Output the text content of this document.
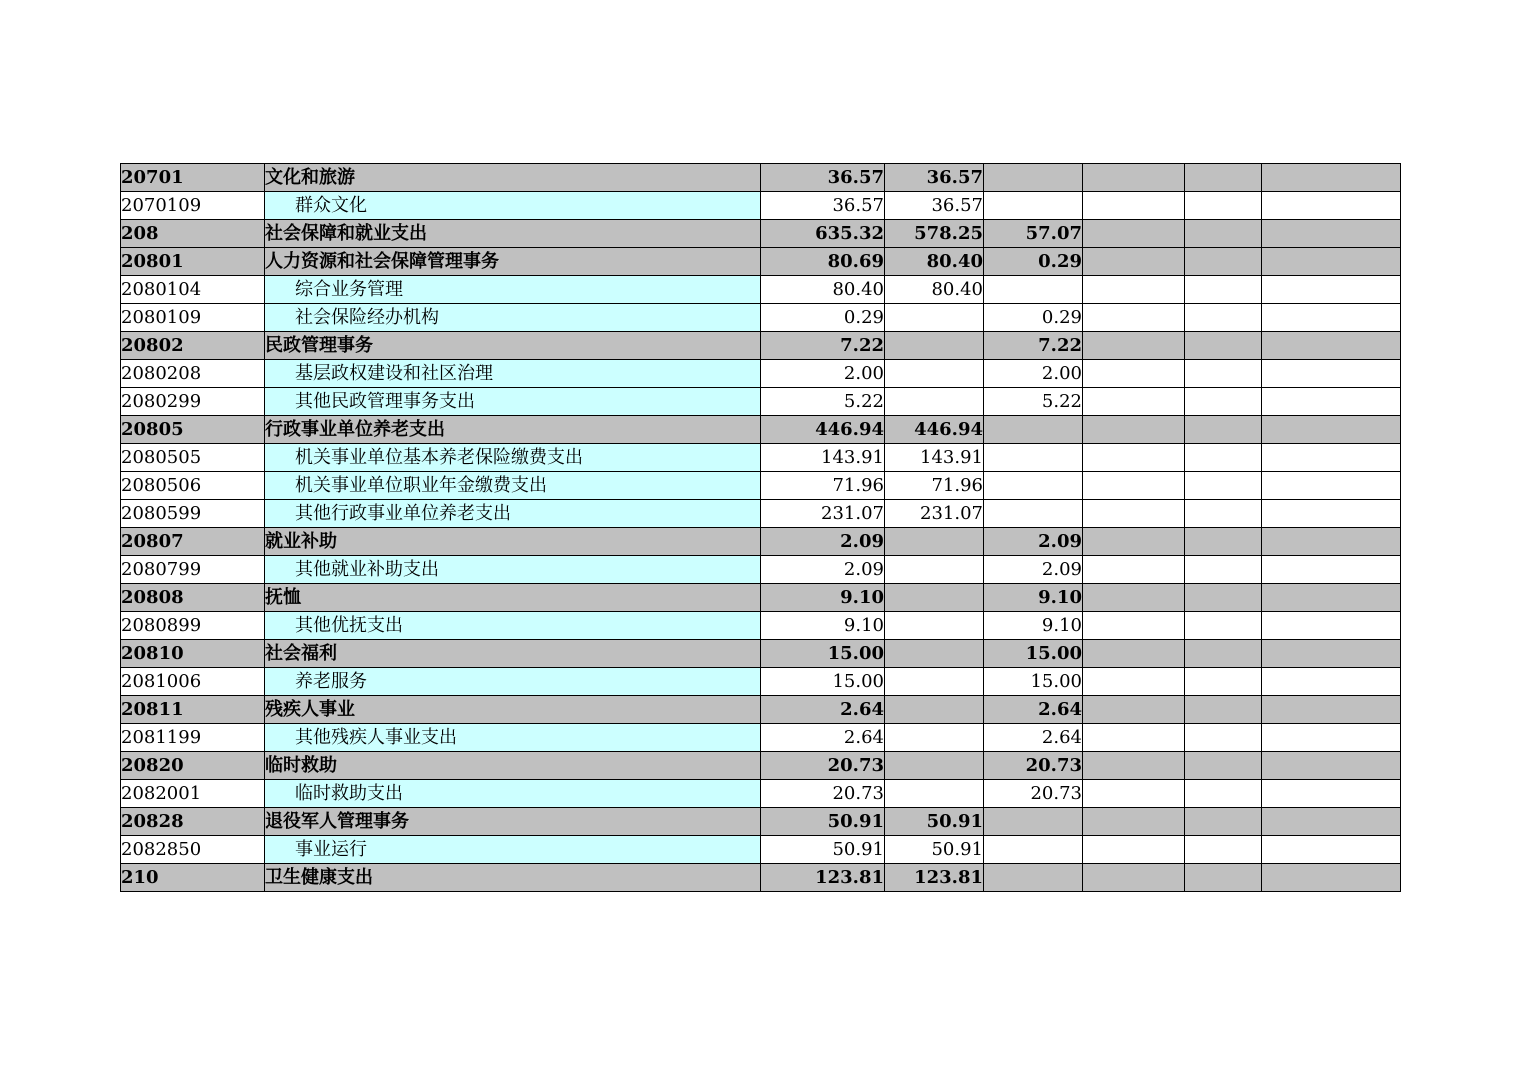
20701	文化和旅游	36.57	36.57				
2070109	群众文化	36.57	36.57				
208	社会保障和就业支出	635.32	578.25	57.07			
20801	人力资源和社会保障管理事务	80.69	80.40	0.29			
2080104	综合业务管理	80.40	80.40				
2080109	社会保险经办机构	0.29		0.29			
20802	民政管理事务	7.22		7.22			
2080208	基层政权建设和社区治理	2.00		2.00			
2080299	其他民政管理事务支出	5.22		5.22			
20805	行政事业单位养老支出	446.94	446.94				
2080505	机关事业单位基本养老保险缴费支出	143.91	143.91				
2080506	机关事业单位职业年金缴费支出	71.96	71.96				
2080599	其他行政事业单位养老支出	231.07	231.07				
20807	就业补助	2.09		2.09			
2080799	其他就业补助支出	2.09		2.09			
20808	抚恤	9.10		9.10			
2080899	其他优抚支出	9.10		9.10			
20810	社会福利	15.00		15.00			
2081006	养老服务	15.00		15.00			
20811	残疾人事业	2.64		2.64			
2081199	其他残疾人事业支出	2.64		2.64			
20820	临时救助	20.73		20.73			
2082001	临时救助支出	20.73		20.73			
20828	退役军人管理事务	50.91	50.91				
2082850	事业运行	50.91	50.91				
210	卫生健康支出	123.81	123.81				
